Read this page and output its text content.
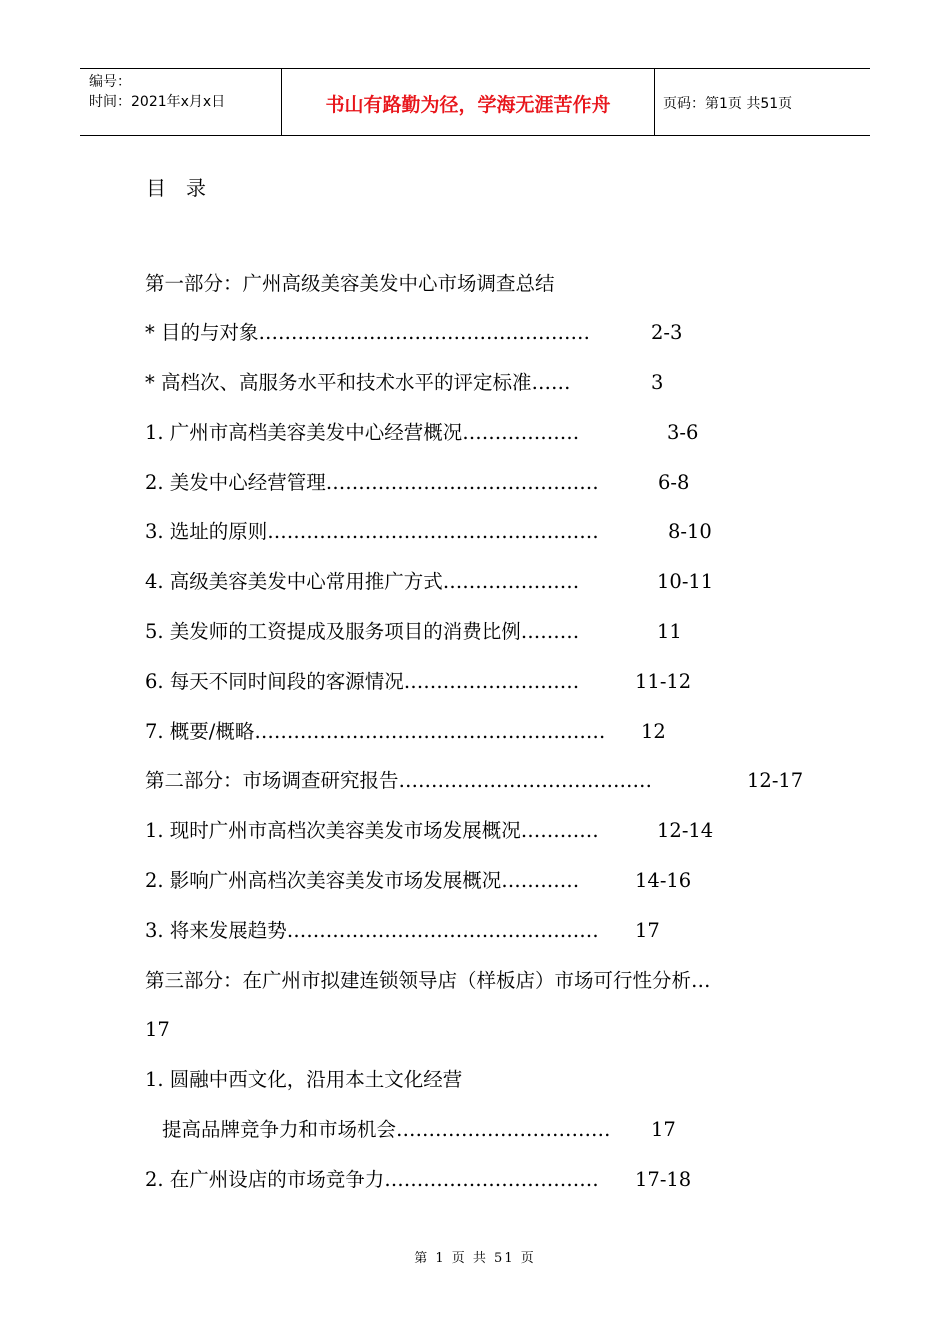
编号：
时间：2021年x月x日	书山有路勤为径，学海无涯苦作舟	页码：第1页 共51页
目录
第一部分：广州高级美容美发中心市场调查总结
* 目的与对象……………………………………………	2-3
* 高档次、高服务水平和技术水平的评定标准……	3
1. 广州市高档美容美发中心经营概况………………	3-6
2. 美发中心经营管理……………………………………	6-8
3. 选址的原则……………………………………………	8-10
4. 高级美容美发中心常用推广方式…………………	10-11
5. 美发师的工资提成及服务项目的消费比例………	11
6. 每天不同时间段的客源情况………………………	11-12
7. 概要/概略……………………………………………… 12
第二部分：市场调查研究报告…………………………………	12-17
1. 现时广州市高档次美容美发市场发展概况…………	12-14
2. 影响广州高档次美容美发市场发展概况…………	14-16
3. 将来发展趋势………………………………………… 17
第三部分：在广州市拟建连锁领导店（样板店）市场可行性分析…
17
1. 圆融中西文化，沿用本土文化经营
提高品牌竞争力和市场机会…………………………… 17
2. 在广州设店的市场竞争力…………………………… 17-18
第 1 页 共 51 页
